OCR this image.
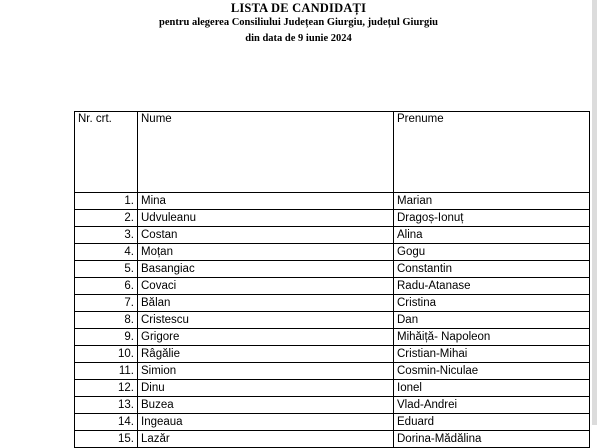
LISTA DE CANDIDAȚI
pentru alegerea Consiliului Județean Giurgiu, județul Giurgiu
din data de 9 iunie 2024
Nr. crt.	Nume	Prenume
1.	Mina	Marian
2.	Udvuleanu	Dragoș-Ionuț
3.	Costan	Alina
4.	Moțan	Gogu
5.	Basangiac	Constantin
6.	Covaci	Radu-Atanase
7.	Bălan	Cristina
8.	Cristescu	Dan
9.	Grigore	Mihăiță- Napoleon
10.	Râgălie	Cristian-Mihai
11.	Simion	Cosmin-Niculae
12.	Dinu	Ionel
13.	Buzea	Vlad-Andrei
14.	Ingeaua	Eduard
15.	Lazăr	Dorina-Mădălina
